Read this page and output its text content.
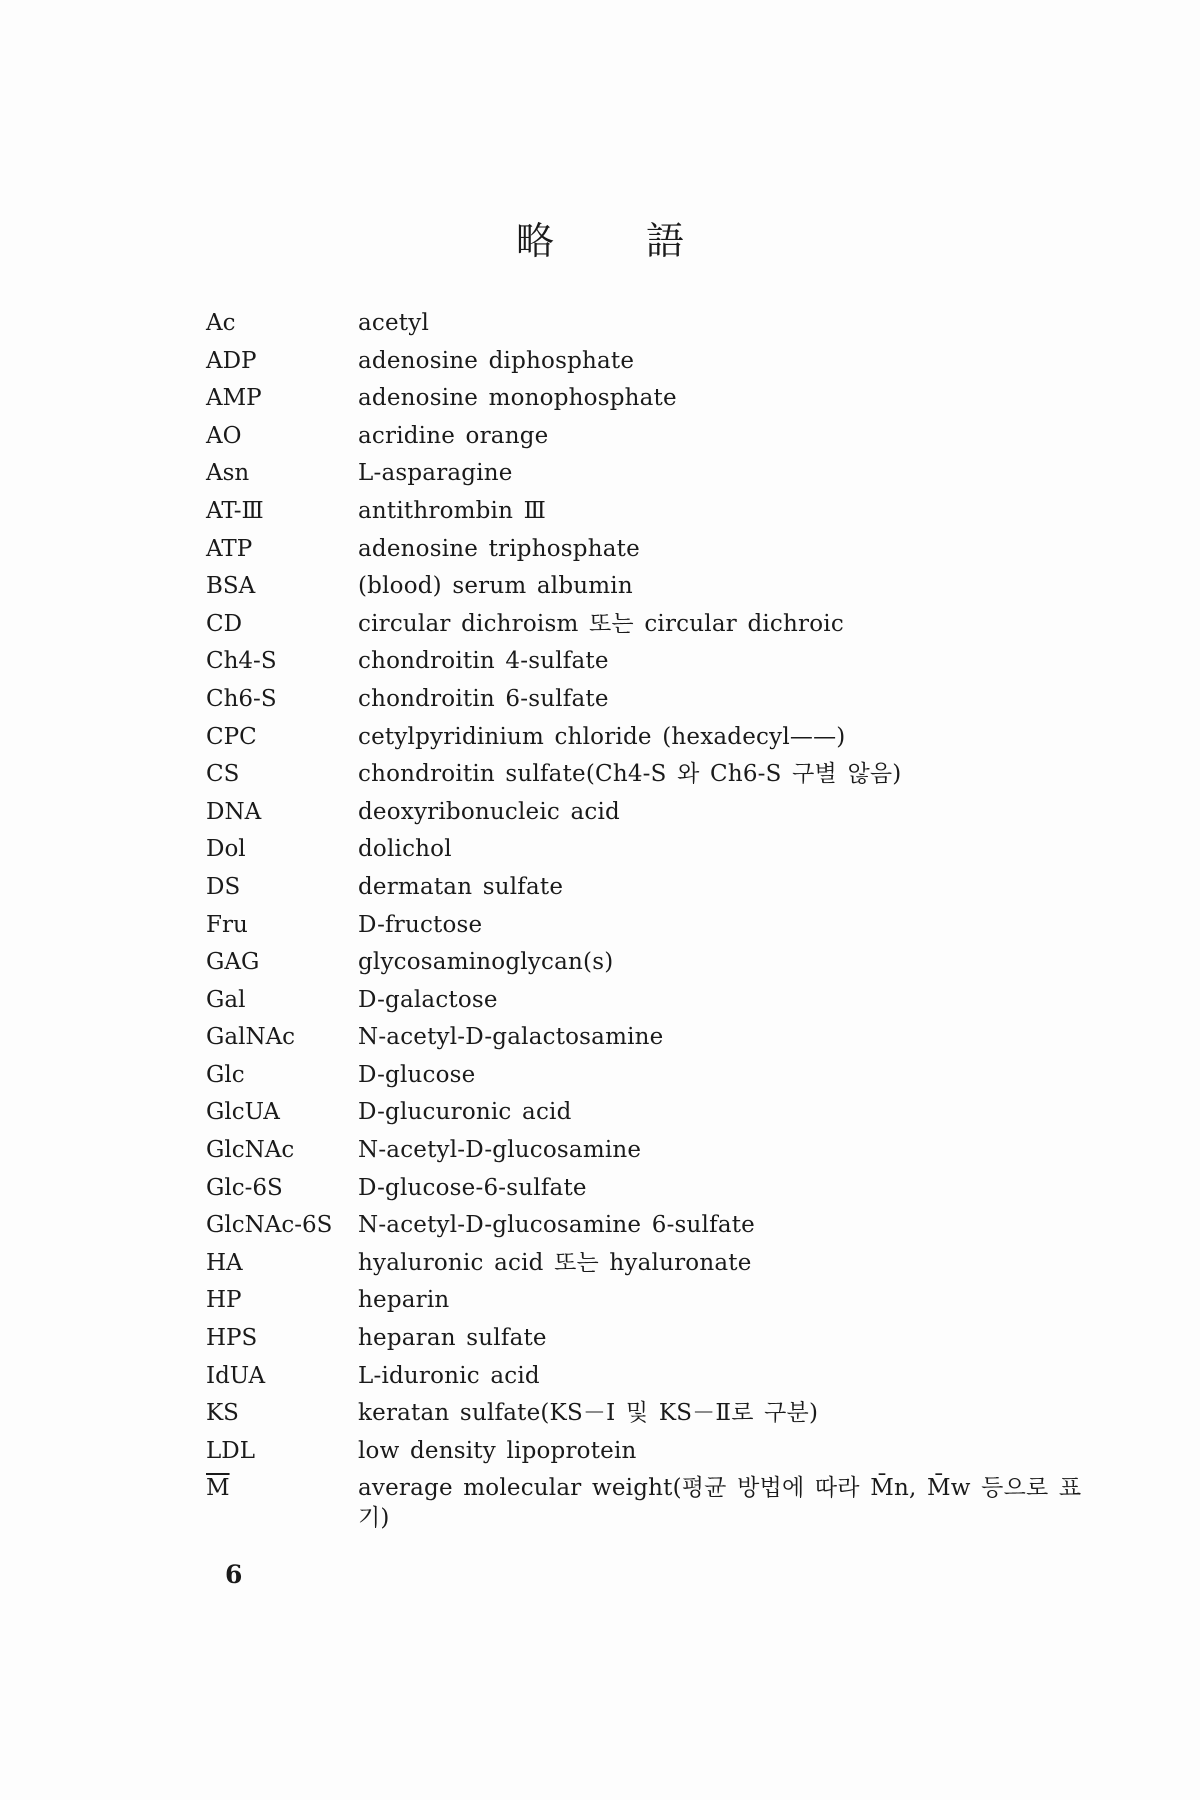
略 語
Ac	acetyl
ADP	adenosine diphosphate
AMP	adenosine monophosphate
AO	acridine orange
Asn	L-asparagine
AT-Ⅲ	antithrombin Ⅲ
ATP	adenosine triphosphate
BSA	(blood) serum albumin
CD	circular dichroism 또는 circular dichroic
Ch4-S	chondroitin 4-sulfate
Ch6-S	chondroitin 6-sulfate
CPC	cetylpyridinium chloride (hexadecyl——)
CS	chondroitin sulfate(Ch4-S 와 Ch6-S 구별 않음)
DNA	deoxyribonucleic acid
Dol	dolichol
DS	dermatan sulfate
Fru	D-fructose
GAG	glycosaminoglycan(s)
Gal	D-galactose
GalNAc	N-acetyl-D-galactosamine
Glc	D-glucose
GlcUA	D-glucuronic acid
GlcNAc	N-acetyl-D-glucosamine
Glc-6S	D-glucose-6-sulfate
GlcNAc-6S	N-acetyl-D-glucosamine 6-sulfate
HA	hyaluronic acid 또는 hyaluronate
HP	heparin
HPS	heparan sulfate
IdUA	L-iduronic acid
KS	keratan sulfate(KS－Ⅰ 및 KS－Ⅱ로 구분)
LDL	low density lipoprotein
$\overline{M}$	average molecular weight(평균 방법에 따라 M̄n, M̄w 등으로 표기)
6
